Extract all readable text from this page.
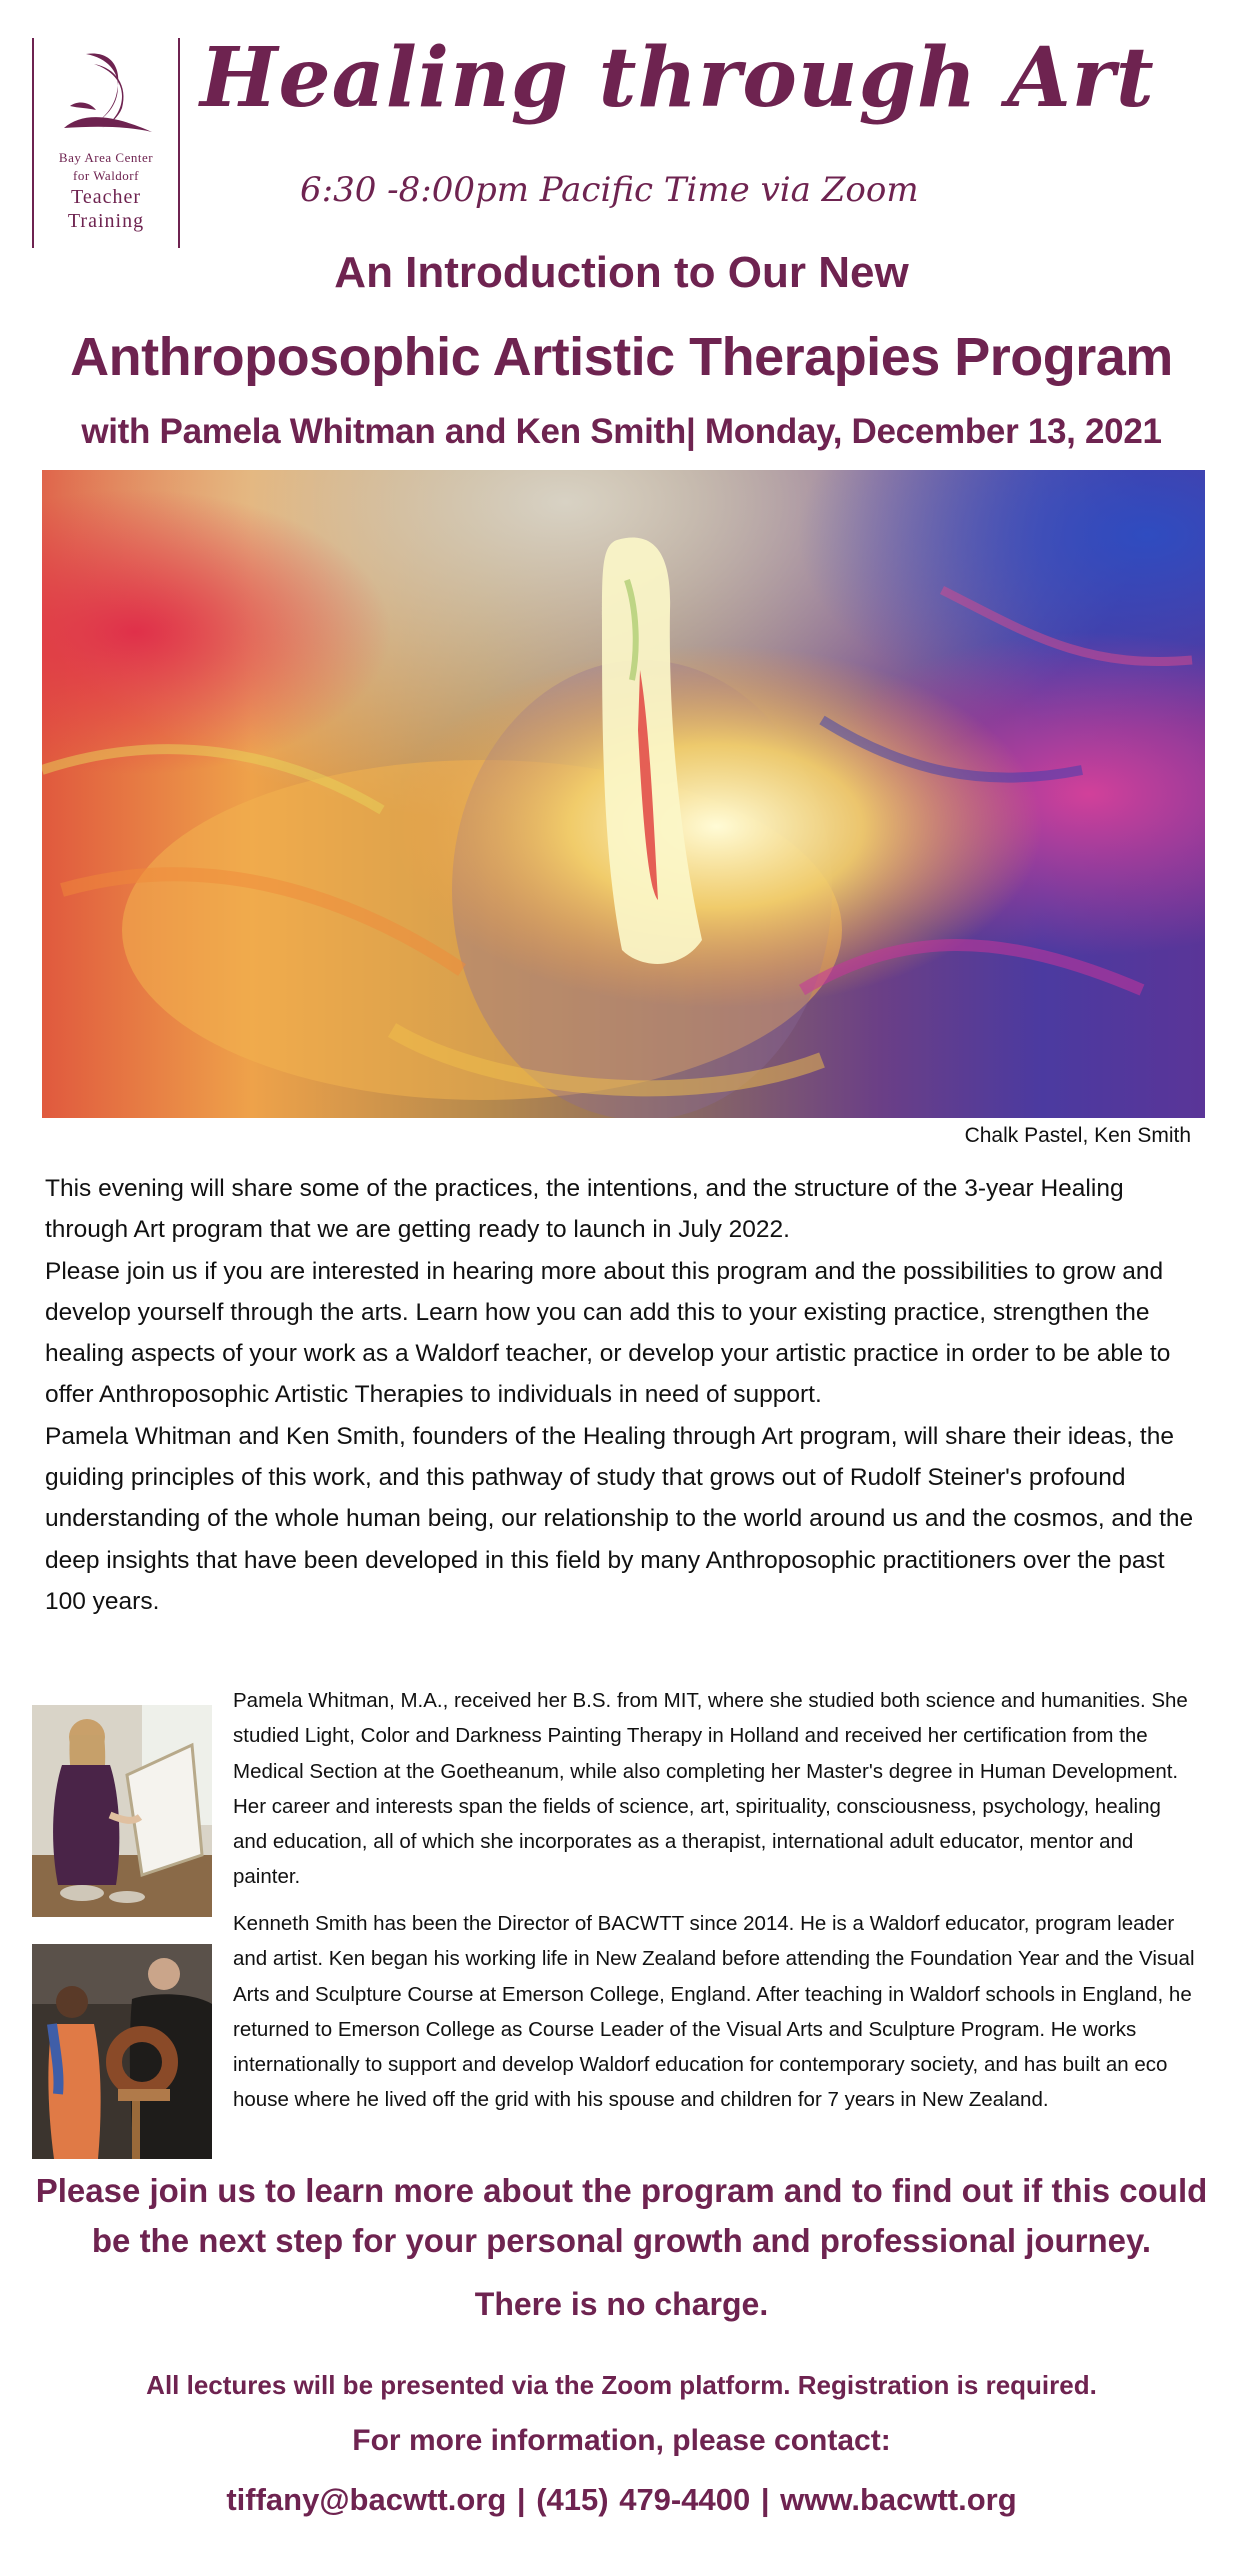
Bay Area Center
for Waldorf
Teacher
Training
Healing through Art
6:30 -8:00pm Pacific Time via Zoom
An Introduction to Our New
Anthroposophic Artistic Therapies Program
with Pamela Whitman and Ken Smith| Monday, December 13, 2021
Chalk Pastel, Ken Smith

This evening will share some of the practices, the intentions, and the structure of the 3-year Healing through Art program that we are getting ready to launch in July 2022.

Please join us if you are interested in hearing more about this program and the possibilities to grow and develop yourself through the arts. Learn how you can add this to your existing practice, strengthen the healing aspects of your work as a Waldorf teacher, or develop your artistic practice in order to be able to offer Anthroposophic Artistic Therapies to individuals in need of support.

Pamela Whitman and Ken Smith, founders of the Healing through Art program, will share their ideas, the guiding principles of this work, and this pathway of study that grows out of Rudolf Steiner's profound understanding of the whole human being, our relationship to the world around us and the cosmos, and the deep insights that have been developed in this field by many Anthroposophic practitioners over the past 100 years.

Pamela Whitman, M.A., received her B.S. from MIT, where she studied both science and humanities. She studied Light, Color and Darkness Painting Therapy in Holland and received her certification from the Medical Section at the Goetheanum, while also completing her Master's degree in Human Development. Her career and interests span the fields of science, art, spirituality, consciousness, psychology, healing and education, all of which she incorporates as a therapist, international adult educator, mentor and painter.
Kenneth Smith has been the Director of BACWTT since 2014. He is a Waldorf educator, program leader and artist. Ken began his working life in New Zealand before attending the Foundation Year and the Visual Arts and Sculpture Course at Emerson College, England. After teaching in Waldorf schools in England, he returned to Emerson College as Course Leader of the Visual Arts and Sculpture Program. He works internationally to support and develop Waldorf education for contemporary society, and has built an eco house where he lived off the grid with his spouse and children for 7 years in New Zealand.
Please join us to learn more about the program and to find out if this could
be the next step for your personal growth and professional journey.
There is no charge.
All lectures will be presented via the Zoom platform. Registration is required.
For more information, please contact:
tiffany@bacwtt.org | (415) 479-4400 | www.bacwtt.org
